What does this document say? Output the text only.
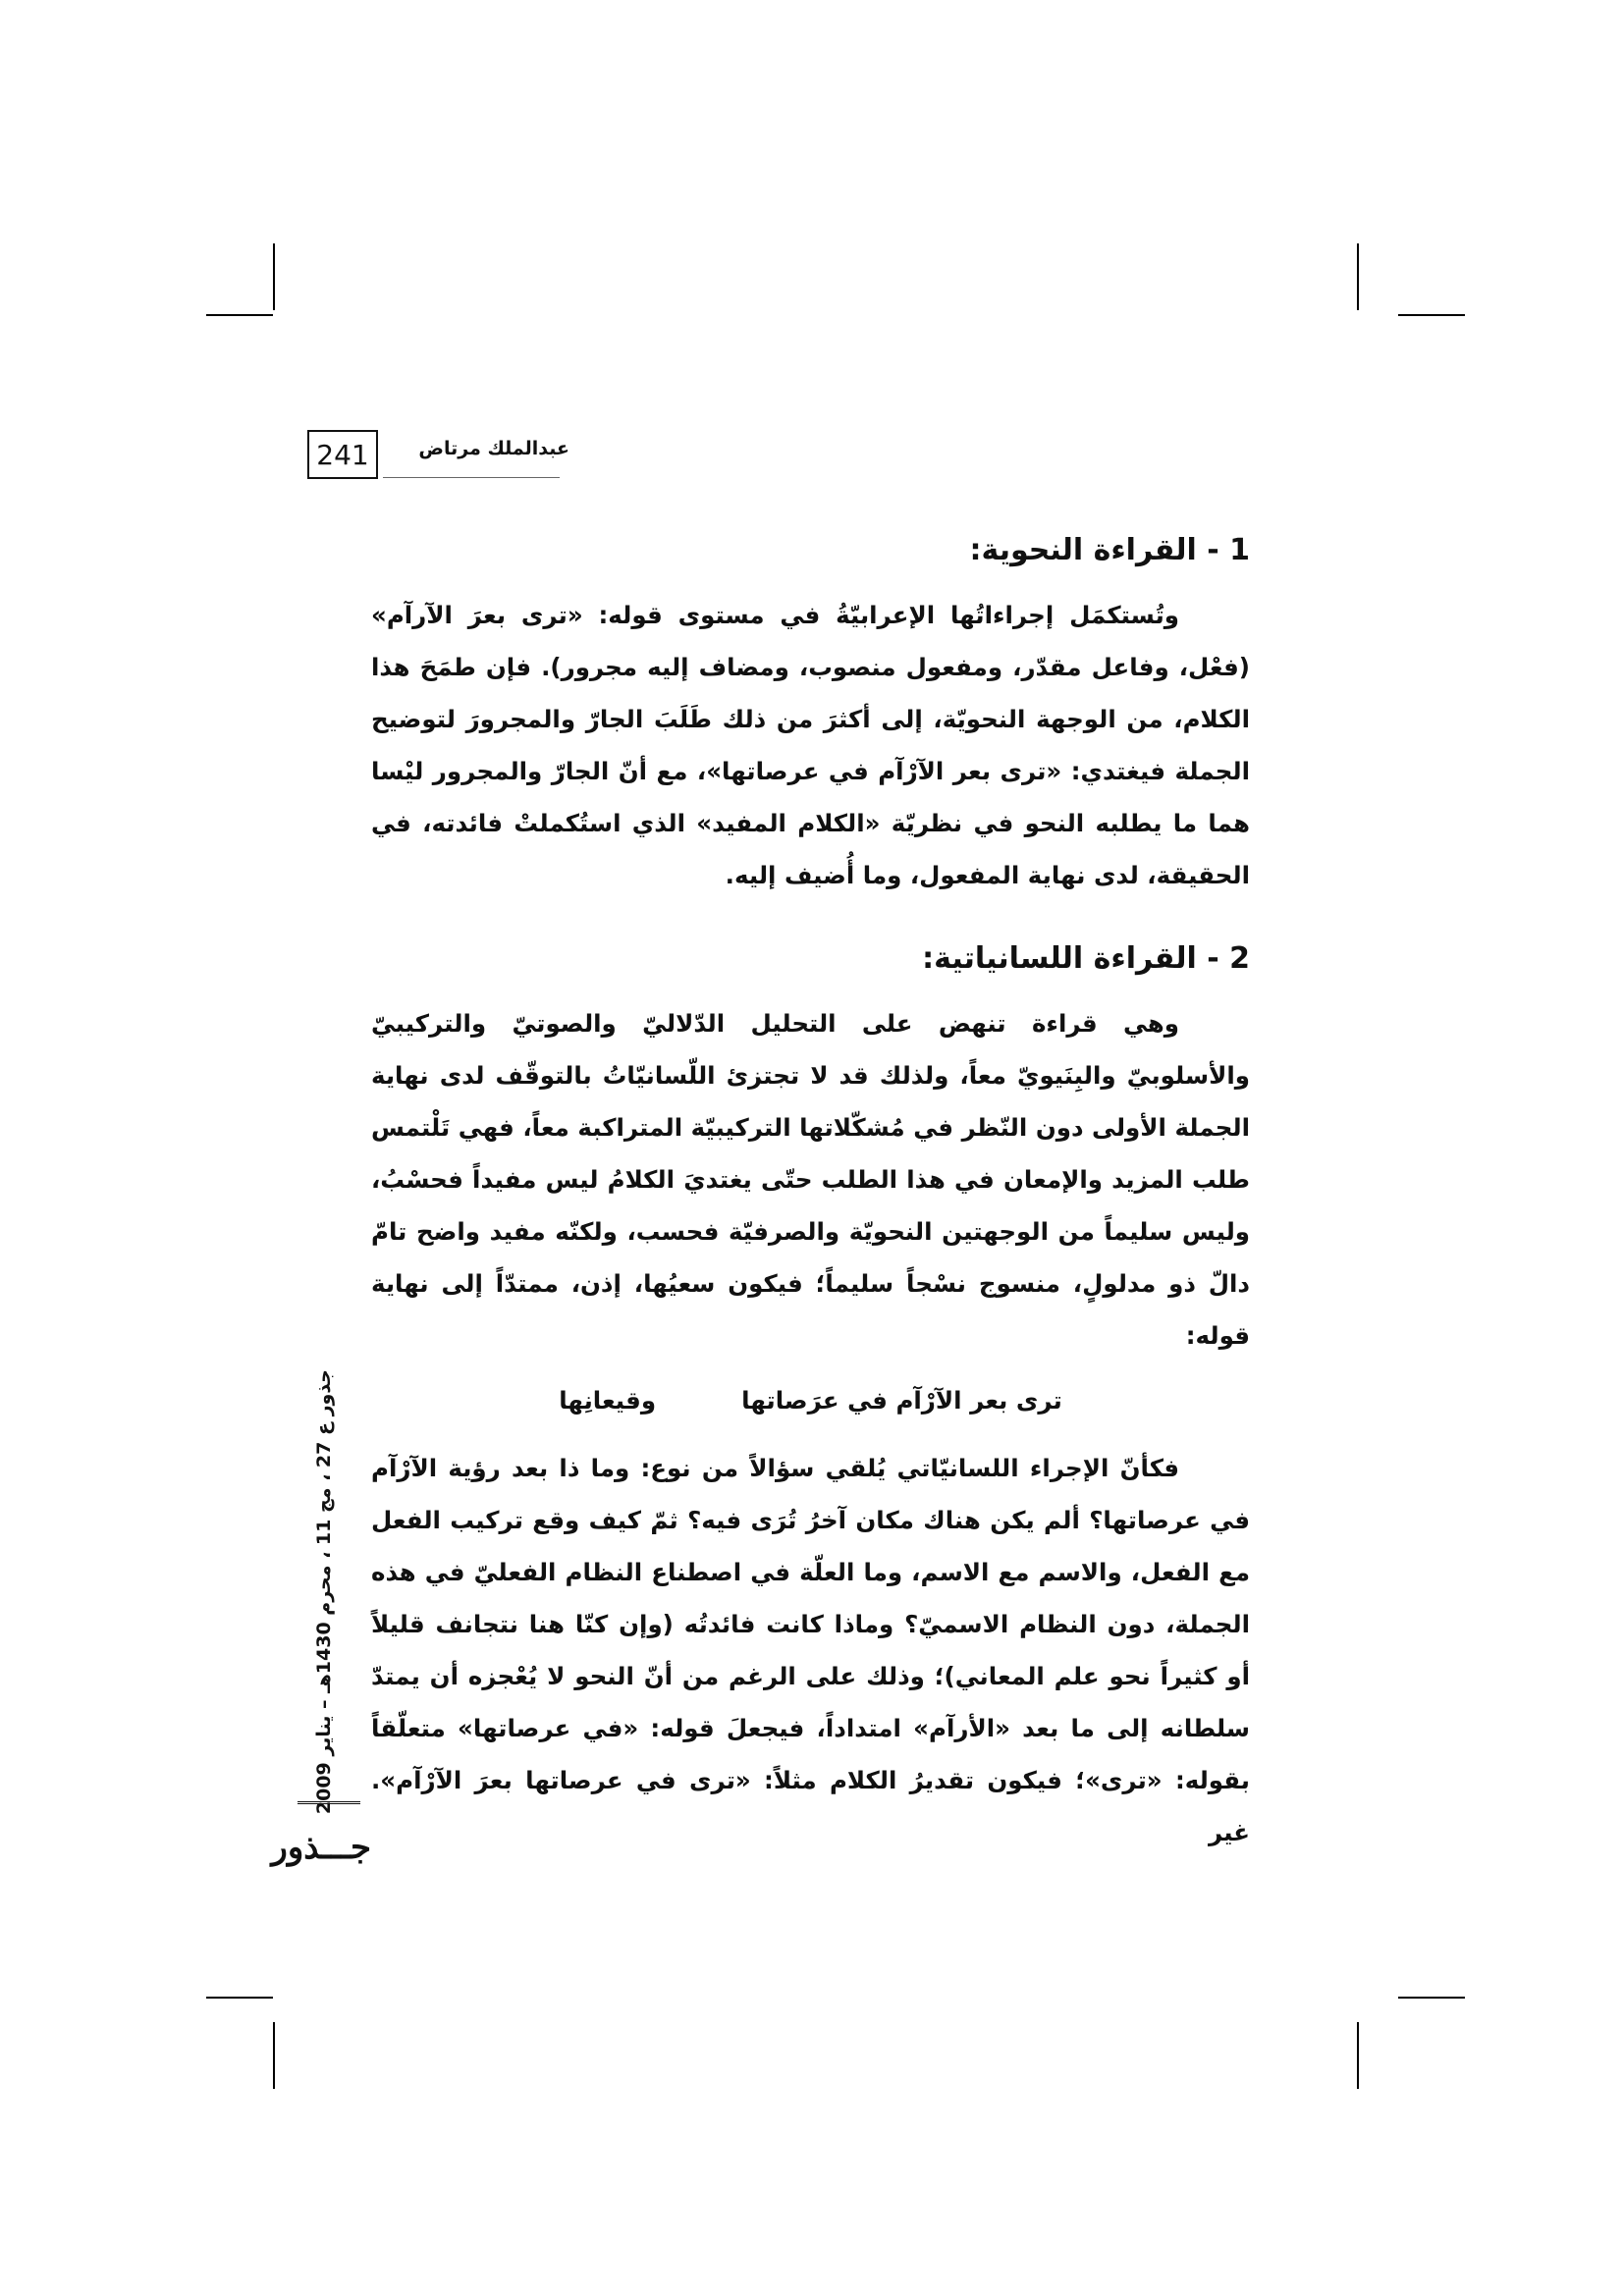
241	عبدالملك مرتاض
1 - القراءة النحوية:

وتُستكمَل إجراءاتُها الإعرابيّةُ في مستوى قوله: «ترى بعرَ الآرآم» (فعْل، وفاعل مقدّر، ومفعول منصوب، ومضاف إليه مجرور). فإن طمَحَ هذا الكلام، من الوجهة النحويّة، إلى أكثرَ من ذلك طَلَبَ الجارّ والمجرورَ لتوضيح الجملة فيغتدي: «ترى بعر الآرْآم في عرصاتها»، مع أنّ الجارّ والمجرور ليْسا هما ما يطلبه النحو في نظريّة «الكلام المفيد» الذي استُكملتْ فائدته، في الحقيقة، لدى نهاية المفعول، وما أُضيف إليه.

2 - القراءة اللسانياتية:

وهي قراءة تنهض على التحليل الدّلاليّ والصوتيّ والتركيبيّ والأسلوبيّ والبِنَيويّ معاً، ولذلك قد لا تجتزئ اللّسانيّاتُ بالتوقّف لدى نهاية الجملة الأولى دون النّظر في مُشكّلاتها التركيبيّة المتراكبة معاً، فهي تَلْتمس طلب المزيد والإمعان في هذا الطلب حتّى يغتديَ الكلامُ ليس مفيداً فحسْبُ، وليس سليماً من الوجهتين النحويّة والصرفيّة فحسب، ولكنّه مفيد واضح تامّ دالّ ذو مدلولٍ، منسوج نسْجاً سليماً؛ فيكون سعيُها، إذن، ممتدّاً إلى نهاية قوله:

ترى بعر الآرْآم في عرَصاتها  وقيعانِها

فكأنّ الإجراء اللسانيّاتي يُلقي سؤالاً من نوع: وما ذا بعد رؤية الآرْآم في عرصاتها؟ ألم يكن هناك مكان آخرُ تُرَى فيه؟ ثمّ كيف وقع تركيب الفعل مع الفعل، والاسم مع الاسم، وما العلّة في اصطناع النظام الفعليّ في هذه الجملة، دون النظام الاسميّ؟ وماذا كانت فائدتُه (وإن كنّا هنا نتجانف قليلاً أو كثيراً نحو علم المعاني)؛ وذلك على الرغم من أنّ النحو لا يُعْجزه أن يمتدّ سلطانه إلى ما بعد «الأرآم» امتداداً، فيجعلَ قوله: «في عرصاتها» متعلّقاً بقوله: «ترى»؛ فيكون تقديرُ الكلام مثلاً: «ترى في عرصاتها بعرَ الآرْآم». غير

جذور ع 27 ، مج 11 ، محرم 1430هـ – يناير 2009
جـــذور
